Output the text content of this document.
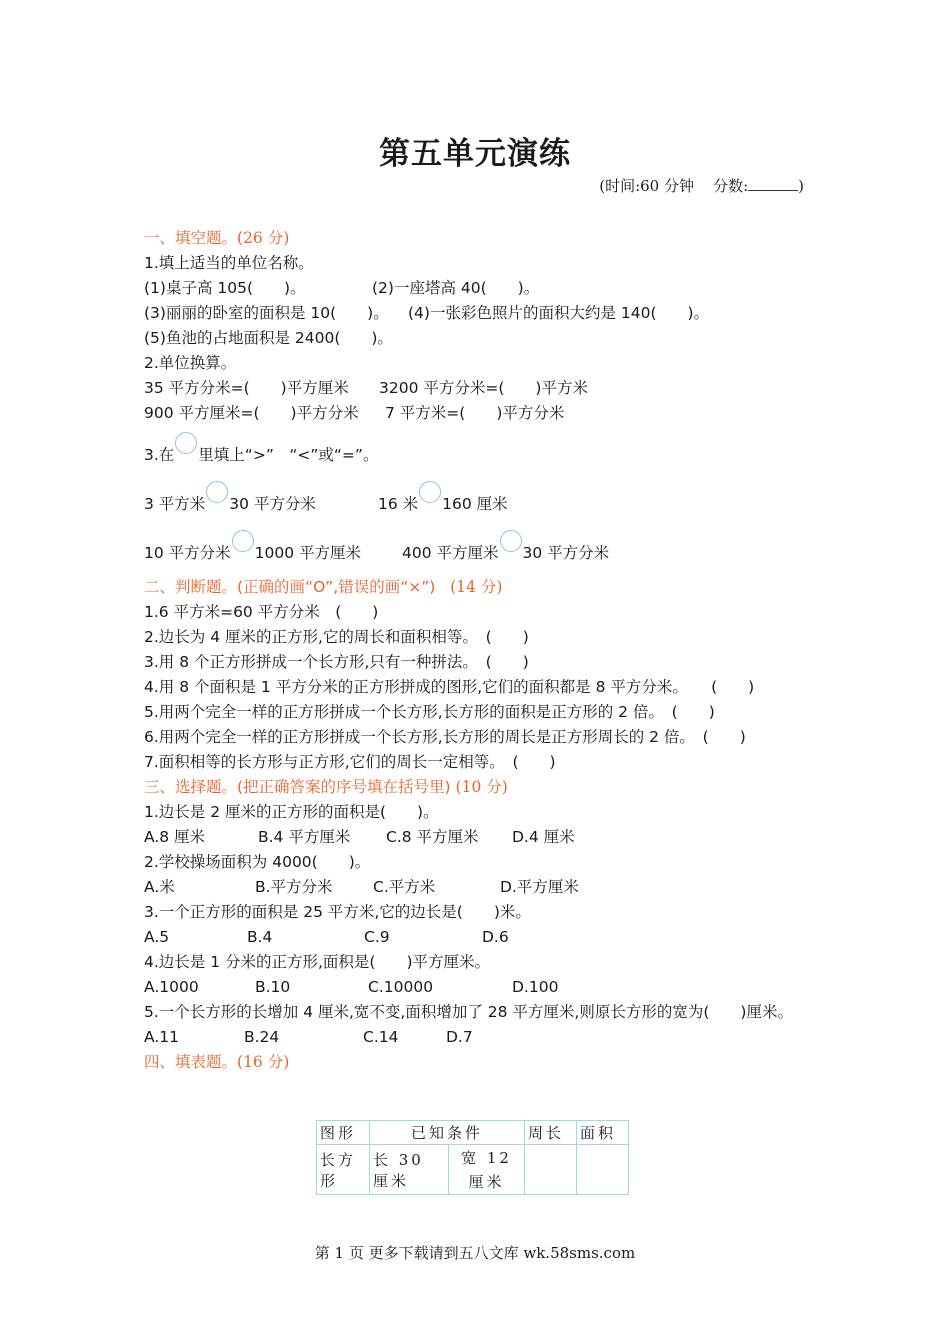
第五单元演练
(时间:60 分钟 分数:	)
一、填空题。(26 分)
1.填上适当的单位名称。
(1)桌子高 105(　　)。	(2)一座塔高 40(　　)。
(3)丽丽的卧室的面积是 10(　　)。 (4)一张彩色照片的面积大约是 140(　　)。
(5)鱼池的占地面积是 2400(　　)。
2.单位换算。
35 平方分米=(　　)平方厘米 3200 平方分米=(　　)平方米
900 平方厘米=(　　)平方分米 7 平方米=(　　)平方分米
3.在 里填上“>”　“<”或“=”。
3 平方米 30 平方分米	16 米 160 厘米
10 平方分米 1000 平方厘米	400 平方厘米 30 平方分米
二、判断题。(正确的画“Ο”,错误的画“×”) (14 分)
1.6 平方米=60 平方分米　(　　)
2.边长为 4 厘米的正方形,它的周长和面积相等。　(　　)
3.用 8 个正方形拼成一个长方形,只有一种拼法。　(　　)
4.用 8 个面积是 1 平方分米的正方形拼成的图形,它们的面积都是 8 平方分米。　　(　　)
5.用两个完全一样的正方形拼成一个长方形,长方形的面积是正方形的 2 倍。　(　　)
6.用两个完全一样的正方形拼成一个长方形,长方形的周长是正方形周长的 2 倍。　(　　)
7.面积相等的长方形与正方形,它们的周长一定相等。　(　　)
三、选择题。(把正确答案的序号填在括号里) (10 分)
1.边长是 2 厘米的正方形的面积是(　　)。
A.8 厘米	B.4 平方厘米 C.8 平方厘米 D.4 厘米
2.学校操场面积为 4000(　　)。
A.米	B.平方分米	C.平方米	D.平方厘米
3.一个正方形的面积是 25 平方米,它的边长是(　　)米。
A.5	B.4	C.9	D.6
4.边长是 1 分米的正方形,面积是(　　)平方厘米。
A.1000	B.10	C.10000	D.100
5.一个长方形的长增加 4 厘米,宽不变,面积增加了 28 平方厘米,则原长方形的宽为(　　)厘米。
A.11	B.24	C.14	D.7
四、填表题。(16 分)
图形	已知条件		周长	面积
长方形	长 30 厘米	宽 12 厘米		
第 1 页 更多下载请到五八文库 wk.58sms.com
